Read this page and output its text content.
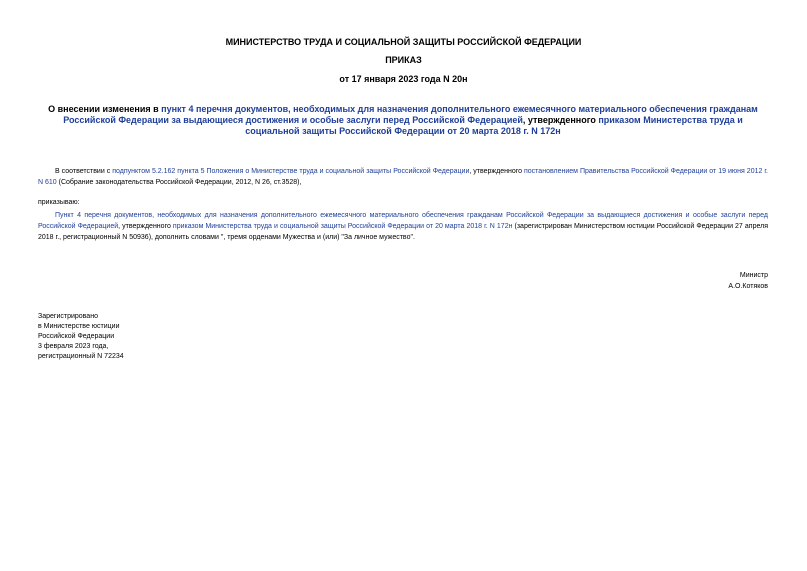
МИНИСТЕРСТВО ТРУДА И СОЦИАЛЬНОЙ ЗАЩИТЫ РОССИЙСКОЙ ФЕДЕРАЦИИ
ПРИКАЗ
от 17 января 2023 года N 20н
О внесении изменения в пункт 4 перечня документов, необходимых для назначения дополнительного ежемесячного материального обеспечения гражданам Российской Федерации за выдающиеся достижения и особые заслуги перед Российской Федерацией, утвержденного приказом Министерства труда и социальной защиты Российской Федерации от 20 марта 2018 г. N 172н
В соответствии с подпунктом 5.2.162 пункта 5 Положения о Министерстве труда и социальной защиты Российской Федерации, утвержденного постановлением Правительства Российской Федерации от 19 июня 2012 г. N 610 (Собрание законодательства Российской Федерации, 2012, N 26, ст.3528),
приказываю:
Пункт 4 перечня документов, необходимых для назначения дополнительного ежемесячного материального обеспечения гражданам Российской Федерации за выдающиеся достижения и особые заслуги перед Российской Федерацией, утвержденного приказом Министерства труда и социальной защиты Российской Федерации от 20 марта 2018 г. N 172н (зарегистрирован Министерством юстиции Российской Федерации 27 апреля 2018 г., регистрационный N 50936), дополнить словами ", тремя орденами Мужества и (или) "За личное мужество".
Министр
А.О.Котяков
Зарегистрировано
в Министерстве юстиции
Российской Федерации
3 февраля 2023 года,
регистрационный N 72234
